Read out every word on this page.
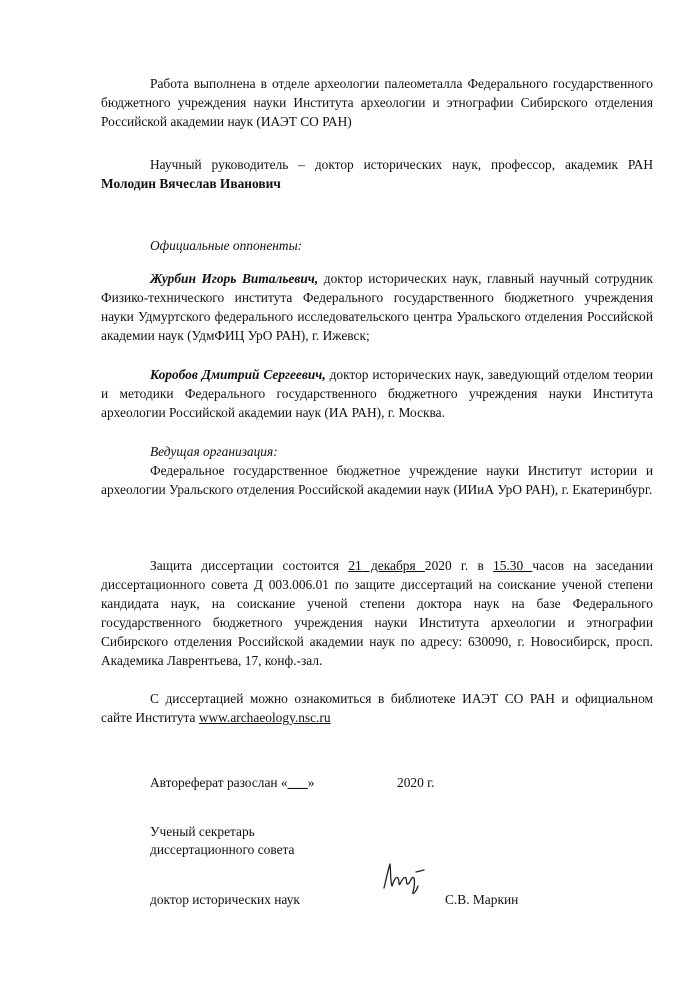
Работа выполнена в отделе археологии палеометалла Федерального государственного бюджетного учреждения науки Института археологии и этнографии Сибирского отделения Российской академии наук (ИАЭТ СО РАН)

Научный руководитель – доктор исторических наук, профессор, академик РАН Молодин Вячеслав Иванович

Официальные оппоненты:

Журбин Игорь Витальевич, доктор исторических наук, главный научный сотрудник Физико-технического института Федерального государственного бюджетного учреждения науки Удмуртского федерального исследовательского центра Уральского отделения Российской академии наук (УдмФИЦ УрО РАН), г. Ижевск;

Коробов Дмитрий Сергеевич, доктор исторических наук, заведующий отделом теории и методики Федерального государственного бюджетного учреждения науки Института археологии Российской академии наук (ИА РАН), г. Москва.

Ведущая организация:

Федеральное государственное бюджетное учреждение науки Институт истории и археологии Уральского отделения Российской академии наук (ИИиА УрО РАН), г. Екатеринбург.

Защита диссертации состоится 21 декабря 2020 г. в 15.30 часов на заседании диссертационного совета Д 003.006.01 по защите диссертаций на соискание ученой степени кандидата наук, на соискание ученой степени доктора наук на базе Федерального государственного бюджетного учреждения науки Института археологии и этнографии Сибирского отделения Российской академии наук по адресу: 630090, г. Новосибирск, просп. Академика Лаврентьева, 17, конф.-зал.

С диссертацией можно ознакомиться в библиотеке ИАЭТ СО РАН и официальном сайте Института www.archaeology.nsc.ru

Автореферат разослан «___»	2020 г.
Ученый секретарь
диссертационного совета
доктор исторических наук	С.В. Маркин
